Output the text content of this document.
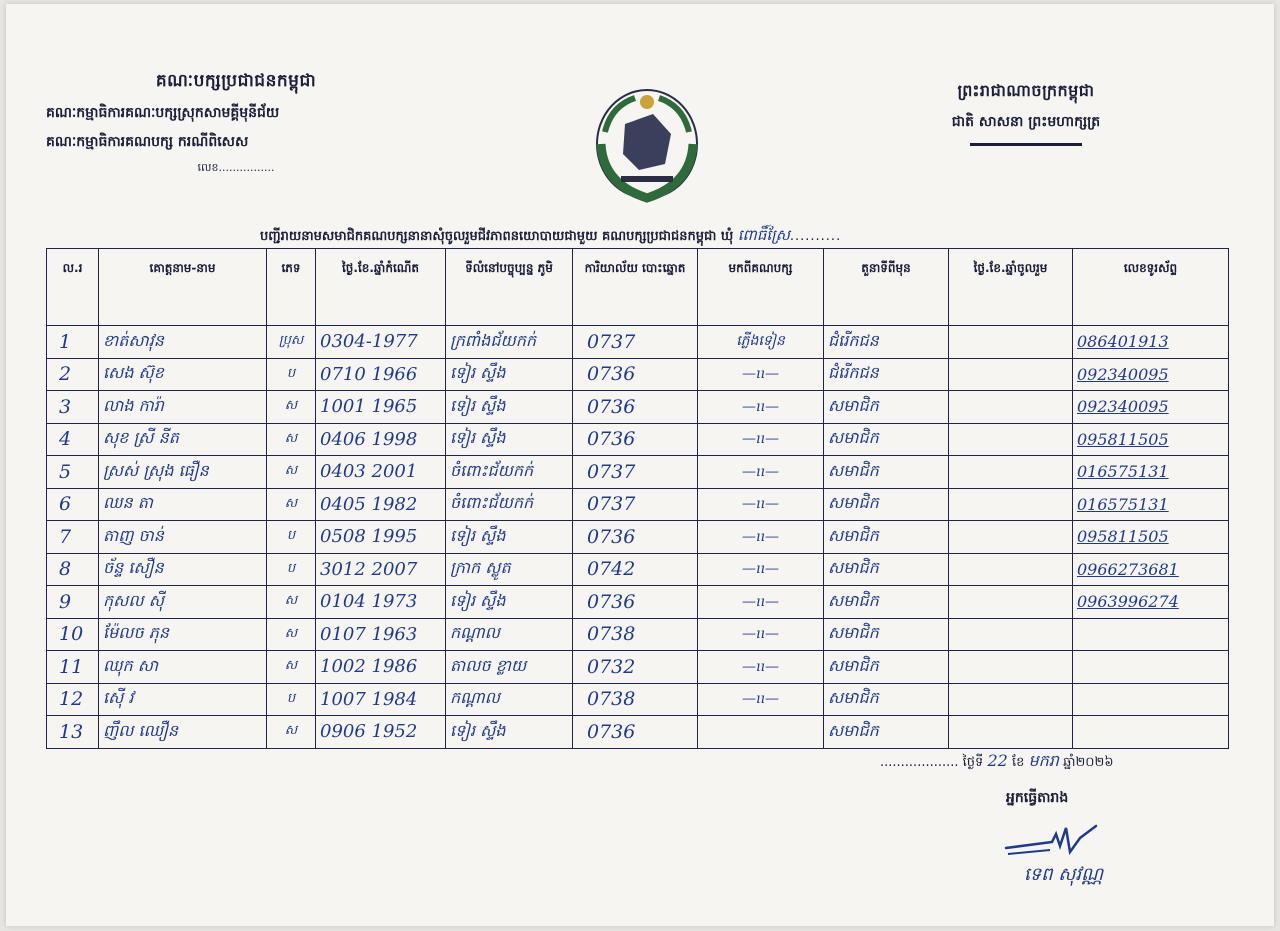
គណៈបក្សប្រជាជនកម្ពុជា
គណៈកម្មាធិការគណៈបក្សស្រុកសាមគ្គីមុនីជ័យ
គណៈកម្មាធិការគណបក្ស ករណីពិសេស
លេខ................
ព្រះរាជាណាចក្រកម្ពុជា
ជាតិ សាសនា ព្រះមហាក្សត្រ
បញ្ជីរាយនាមសមាជិកគណបក្សនានាសុំចូលរួមជីវភាពនយោបាយជាមួយ គណបក្សប្រជាជនកម្ពុជា ឃុំ ពោធិ៍ស្រែ..........
ល.រ	គោត្តនាម-នាម	ភេទ	ថ្ងៃ.ខែ.ឆ្នាំកំណើត	ទីលំនៅបច្ចុប្បន្ន ភូមិ	ការិយាល័យ បោះឆ្នោត	មកពីគណបក្ស	តួនាទីពីមុន	ថ្ងៃ.ខែ.ឆ្នាំចូលរួម	លេខទូរស័ព្ទ
1	ខាត់សាវុន	ប្រុស	0304-1977	ក្រពាំងជ័យកក់	0737	ភ្លើងទៀន	ជំរើកជន		086401913
2	សេង ស៊ុខ	ប	0710 1966	ទៀរ ស្ទឹង	0736	—ıı—	ជំរើកជន		092340095
3	លាង ការ៉ា	ស	1001 1965	ទៀរ ស្ទឹង	0736	—ıı—	សមាជិក		092340095
4	សុខ ស្រី នីត	ស	0406 1998	ទៀរ ស្ទឹង	0736	—ıı—	សមាជិក		095811505
5	ស្រស់ ស្រុង ធឿន	ស	0403 2001	ចំពោះជ័យកក់	0737	—ıı—	សមាជិក		016575131
6	ឈន តា	ស	0405 1982	ចំពោះជ័យកក់	0737	—ıı—	សមាជិក		016575131
7	តាញ ចាន់	ប	0508 1995	ទៀរ ស្ទឹង	0736	—ıı—	សមាជិក		095811505
8	ច័ន្ទ សឿន	ប	3012 2007	ក្រាក ស្លូត	0742	—ıı—	សមាជិក		0966273681
9	កុសល ស៊ី	ស	0104 1973	ទៀរ ស្ទឹង	0736	—ıı—	សមាជិក		0963996274
10	ម៉ែលច ភុន	ស	0107 1963	កណ្តាល	0738	—ıı—	សមាជិក		
11	ឈុក សា	ស	1002 1986	តាលច ខ្លាយ	0732	—ıı—	សមាជិក		
12	ស៊ើ វ	ប	1007 1984	កណ្តាល	0738	—ıı—	សមាជិក		
13	ញឹល ឈឿន	ស	0906 1952	ទៀរ ស្ទឹង	0736		សមាជិក		
................... ថ្ងៃទី 22 ខែ មករា ឆ្នាំ២០២៦
អ្នកធ្វើតារាង
ទេព សុវណ្ណ
